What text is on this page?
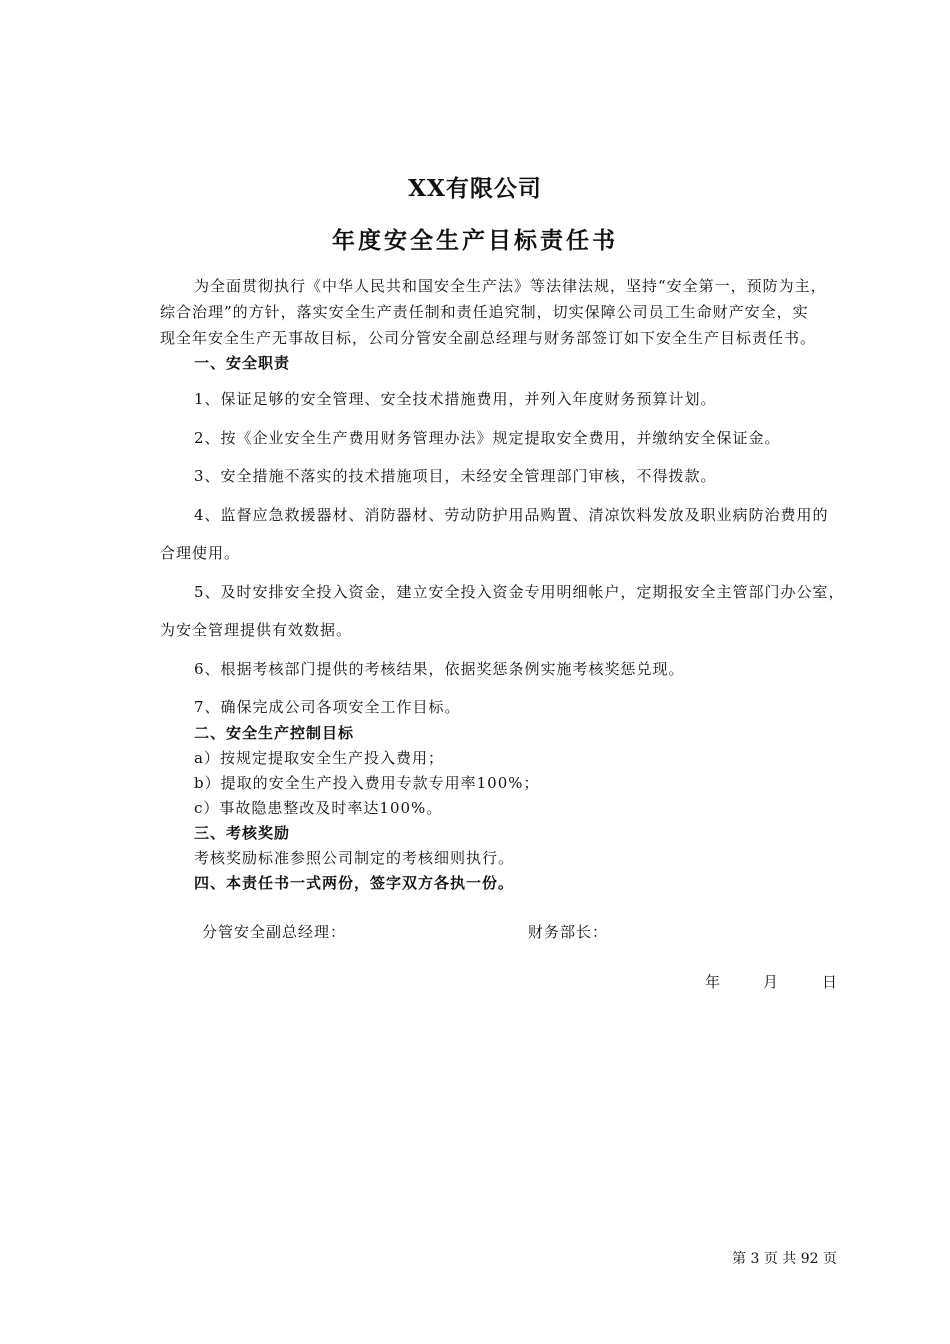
XX有限公司
年度安全生产目标责任书
为全面贯彻执行《中华人民共和国安全生产法》等法律法规，坚持“安全第一，预防为主，
综合治理”的方针，落实安全生产责任制和责任追究制，切实保障公司员工生命财产安全，实
现全年安全生产无事故目标，公司分管安全副总经理与财务部签订如下安全生产目标责任书。
一、安全职责
1、保证足够的安全管理、安全技术措施费用，并列入年度财务预算计划。
2、按《企业安全生产费用财务管理办法》规定提取安全费用，并缴纳安全保证金。
3、安全措施不落实的技术措施项目，未经安全管理部门审核，不得拨款。
4、监督应急救援器材、消防器材、劳动防护用品购置、清凉饮料发放及职业病防治费用的
合理使用。
5、及时安排安全投入资金，建立安全投入资金专用明细帐户，定期报安全主管部门办公室，
为安全管理提供有效数据。
6、根据考核部门提供的考核结果，依据奖惩条例实施考核奖惩兑现。
7、确保完成公司各项安全工作目标。
二、安全生产控制目标
a）按规定提取安全生产投入费用；
b）提取的安全生产投入费用专款专用率100%；
c）事故隐患整改及时率达100%。
三、考核奖励
考核奖励标准参照公司制定的考核细则执行。
四、本责任书一式两份，签字双方各执一份。
分管安全副总经理：	财务部长：
年	月	日
第 3 页 共 92 页
